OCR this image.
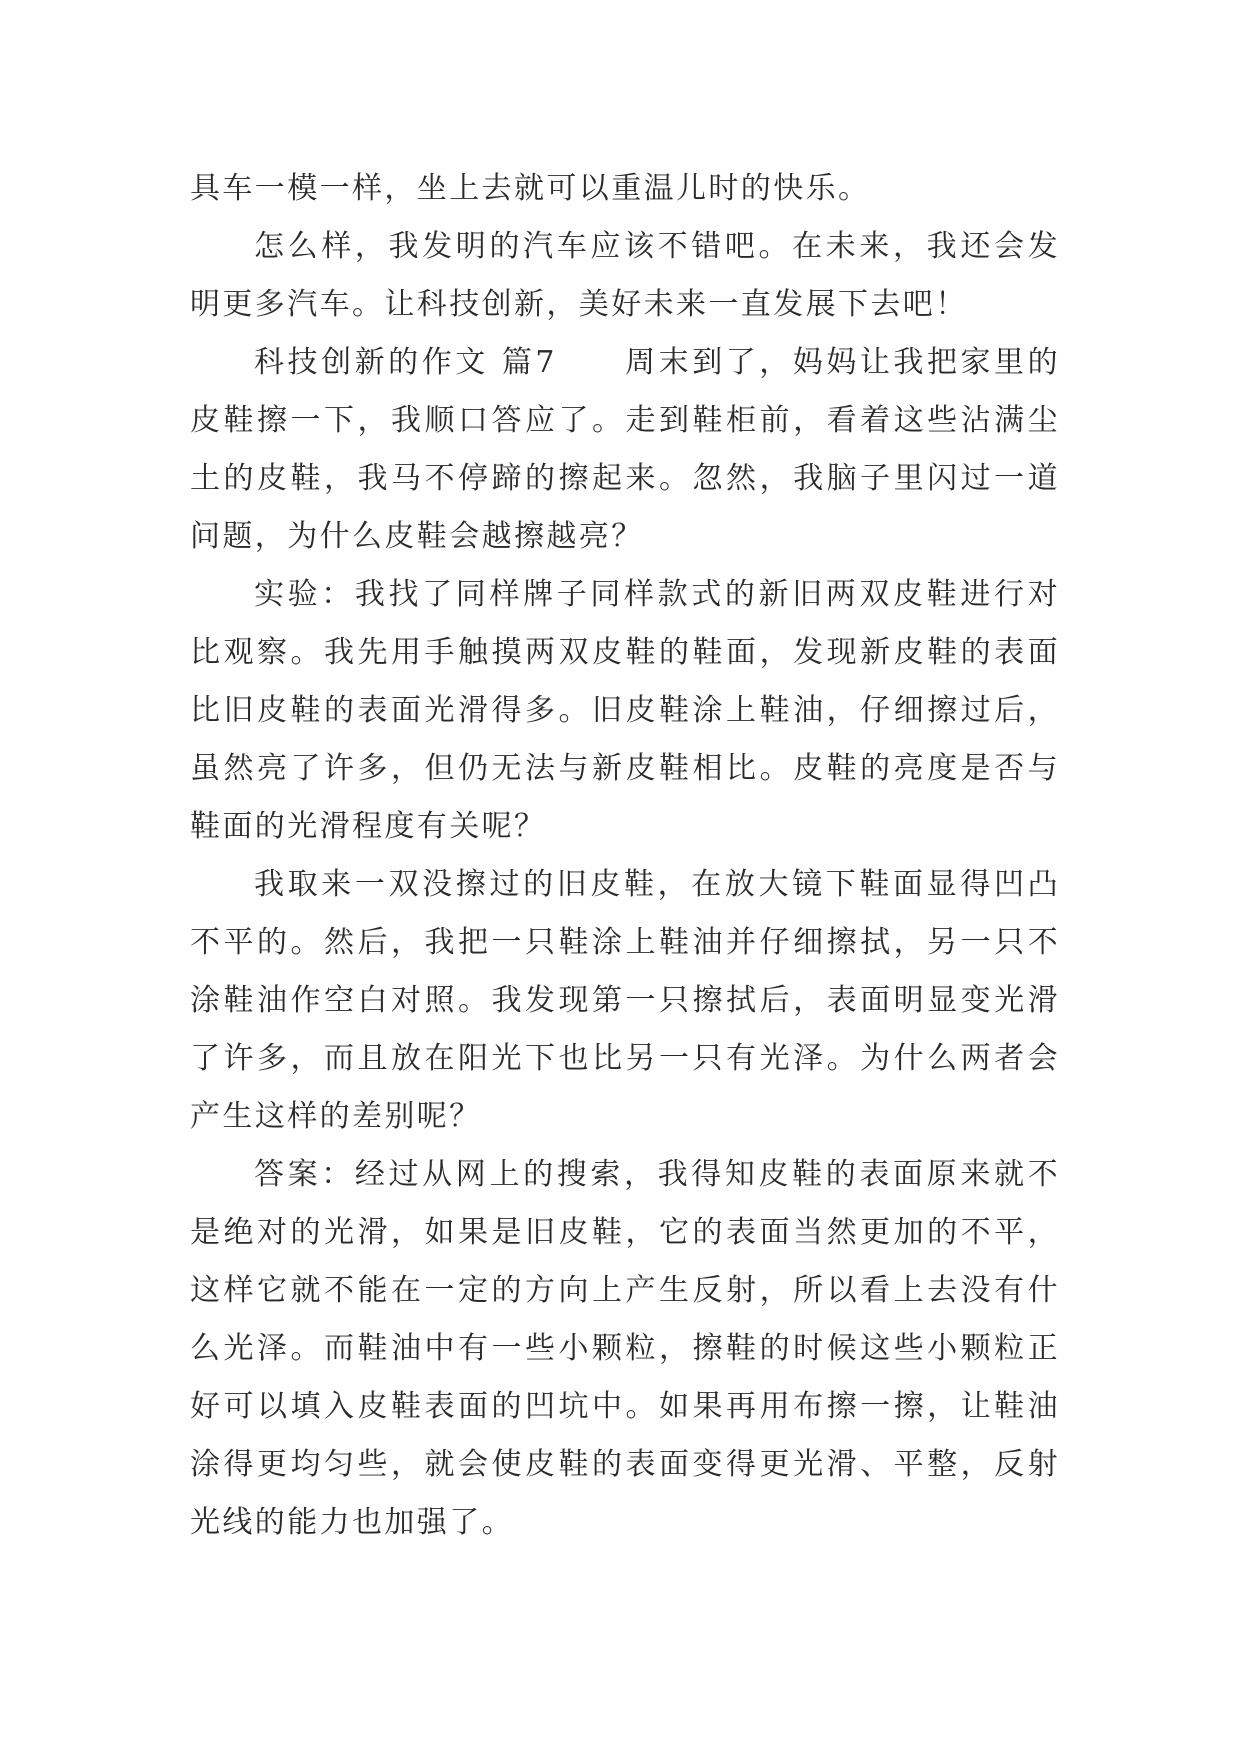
具车一模一样，坐上去就可以重温儿时的快乐。

怎么样，我发明的汽车应该不错吧。在未来，我还会发明更多汽车。让科技创新，美好未来一直发展下去吧！

科技创新的作文 篇7　　周末到了，妈妈让我把家里的皮鞋擦一下，我顺口答应了。走到鞋柜前，看着这些沾满尘土的皮鞋，我马不停蹄的擦起来。忽然，我脑子里闪过一道问题，为什么皮鞋会越擦越亮？

实验：我找了同样牌子同样款式的新旧两双皮鞋进行对比观察。我先用手触摸两双皮鞋的鞋面，发现新皮鞋的表面比旧皮鞋的表面光滑得多。旧皮鞋涂上鞋油，仔细擦过后，虽然亮了许多，但仍无法与新皮鞋相比。皮鞋的亮度是否与鞋面的光滑程度有关呢？

我取来一双没擦过的旧皮鞋，在放大镜下鞋面显得凹凸不平的。然后，我把一只鞋涂上鞋油并仔细擦拭，另一只不涂鞋油作空白对照。我发现第一只擦拭后，表面明显变光滑了许多，而且放在阳光下也比另一只有光泽。为什么两者会产生这样的差别呢？

答案：经过从网上的搜索，我得知皮鞋的表面原来就不是绝对的光滑，如果是旧皮鞋，它的表面当然更加的不平，这样它就不能在一定的方向上产生反射，所以看上去没有什么光泽。而鞋油中有一些小颗粒，擦鞋的时候这些小颗粒正好可以填入皮鞋表面的凹坑中。如果再用布擦一擦，让鞋油涂得更均匀些，就会使皮鞋的表面变得更光滑、平整，反射光线的能力也加强了。
